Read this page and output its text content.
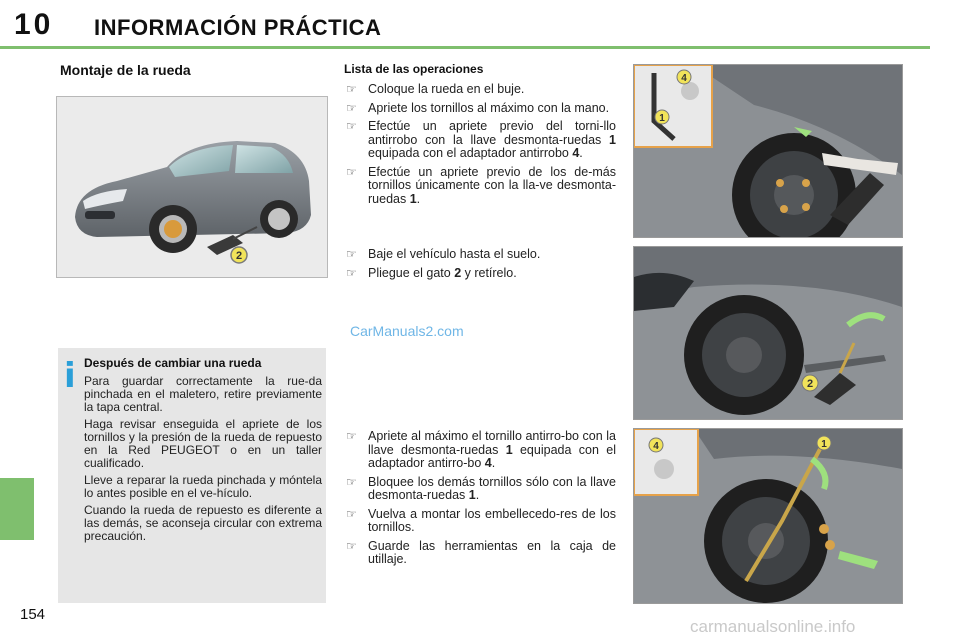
10 INFORMACIÓN PRÁCTICA
154
Montaje de la rueda
2
i Después de cambiar una rueda

Para guardar correctamente la rue-da pinchada en el maletero, retire previamente la tapa central.

Haga revisar enseguida el apriete de los tornillos y la presión de la rueda de repuesto en la Red PEUGEOT o en un taller cualificado.

Lleve a reparar la rueda pinchada y móntela lo antes posible en el ve-hículo.

Cuando la rueda de repuesto es diferente a las demás, se aconseja circular con extrema precaución.

Lista de las operaciones
☞ Coloque la rueda en el buje.
☞ Apriete los tornillos al máximo con la mano.
☞ Efectúe un apriete previo del torni-llo antirrobo con la llave desmonta-ruedas 1 equipada con el adaptador antirrobo 4.
☞ Efectúe un apriete previo de los de-más tornillos únicamente con la lla-ve desmonta-ruedas 1.
☞ Baje el vehículo hasta el suelo.
☞ Pliegue el gato 2 y retírelo.
☞ Apriete al máximo el tornillo antirro-bo con la llave desmonta-ruedas 1 equipada con el adaptador antirro-bo 4.
☞ Bloquee los demás tornillos sólo con la llave desmonta-ruedas 1.
☞ Vuelva a montar los embellecedo-res de los tornillos.
☞ Guarde las herramientas en la caja de utillaje.
4
1
2
4	1
CarManuals2.com
carmanualsonline.info
